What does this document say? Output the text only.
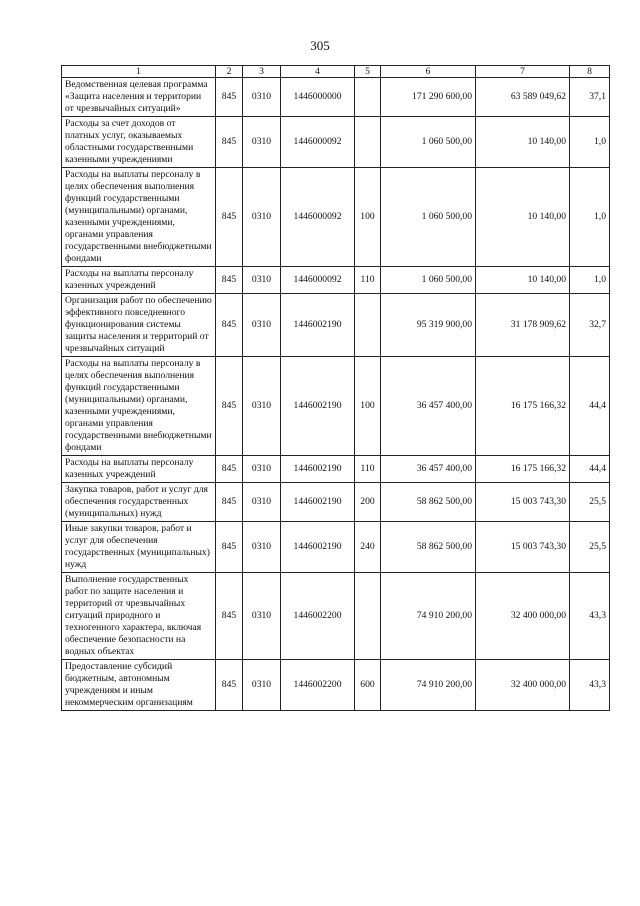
305
1	2	3	4	5	6	7	8
Ведомственная целевая программа «Защита населения и территории от чрезвычайных ситуаций»	845	0310	1446000000		171 290 600,00	63 589 049,62	37,1
Расходы за счет доходов от платных услуг, оказываемых областными государственными казенными учреждениями	845	0310	1446000092		1 060 500,00	10 140,00	1,0
Расходы на выплаты персоналу в целях обеспечения выполнения функций государственными (муниципальными) органами, казенными учреждениями, органами управления государственными внебюджетными фондами	845	0310	1446000092	100	1 060 500,00	10 140,00	1,0
Расходы на выплаты персоналу казенных учреждений	845	0310	1446000092	110	1 060 500,00	10 140,00	1,0
Организация работ по обеспечению эффективного повседневного функционирования системы защиты населения и территорий от чрезвычайных ситуаций	845	0310	1446002190		95 319 900,00	31 178 909,62	32,7
Расходы на выплаты персоналу в целях обеспечения выполнения функций государственными (муниципальными) органами, казенными учреждениями, органами управления государственными внебюджетными фондами	845	0310	1446002190	100	36 457 400,00	16 175 166,32	44,4
Расходы на выплаты персоналу казенных учреждений	845	0310	1446002190	110	36 457 400,00	16 175 166,32	44,4
Закупка товаров, работ и услуг для обеспечения государственных (муниципальных) нужд	845	0310	1446002190	200	58 862 500,00	15 003 743,30	25,5
Иные закупки товаров, работ и услуг для обеспечения государственных (муниципальных) нужд	845	0310	1446002190	240	58 862 500,00	15 003 743,30	25,5
Выполнение государственных работ по защите населения и территорий от чрезвычайных ситуаций природного и техногенного характера, включая обеспечение безопасности на водных объектах	845	0310	1446002200		74 910 200,00	32 400 000,00	43,3
Предоставление субсидий бюджетным, автономным учреждениям и иным некоммерческим организациям	845	0310	1446002200	600	74 910 200,00	32 400 000,00	43,3
